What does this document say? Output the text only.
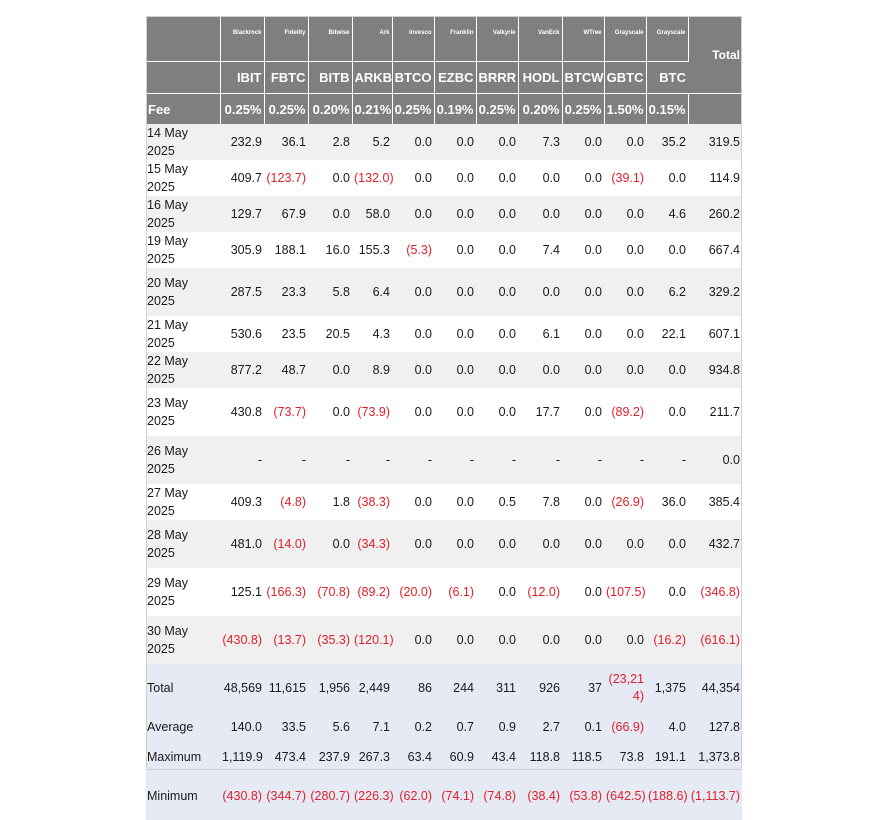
	Blackrock	Fidelity	Bitwise	Ark	Invesco	Franklin	Valkyrie	VanEck	WTree	Grayscale	Grayscale	Total
	IBIT	FBTC	BITB	ARKB	BTCO	EZBC	BRRR	HODL	BTCW	GBTC	BTC	
Fee	0.25%	0.25%	0.20%	0.21%	0.25%	0.19%	0.25%	0.20%	0.25%	1.50%	0.15%	
14 May 2025	232.9	36.1	2.8	5.2	0.0	0.0	0.0	7.3	0.0	0.0	35.2	319.5
15 May 2025	409.7	(123.7)	0.0	(132.0)	0.0	0.0	0.0	0.0	0.0	(39.1)	0.0	114.9
16 May 2025	129.7	67.9	0.0	58.0	0.0	0.0	0.0	0.0	0.0	0.0	4.6	260.2
19 May 2025	305.9	188.1	16.0	155.3	(5.3)	0.0	0.0	7.4	0.0	0.0	0.0	667.4
20 May 2025	287.5	23.3	5.8	6.4	0.0	0.0	0.0	0.0	0.0	0.0	6.2	329.2
21 May 2025	530.6	23.5	20.5	4.3	0.0	0.0	0.0	6.1	0.0	0.0	22.1	607.1
22 May 2025	877.2	48.7	0.0	8.9	0.0	0.0	0.0	0.0	0.0	0.0	0.0	934.8
23 May 2025	430.8	(73.7)	0.0	(73.9)	0.0	0.0	0.0	17.7	0.0	(89.2)	0.0	211.7
26 May 2025	-	-	-	-	-	-	-	-	-	-	-	0.0
27 May 2025	409.3	(4.8)	1.8	(38.3)	0.0	0.0	0.5	7.8	0.0	(26.9)	36.0	385.4
28 May 2025	481.0	(14.0)	0.0	(34.3)	0.0	0.0	0.0	0.0	0.0	0.0	0.0	432.7
29 May 2025	125.1	(166.3)	(70.8)	(89.2)	(20.0)	(6.1)	0.0	(12.0)	0.0	(107.5)	0.0	(346.8)
30 May 2025	(430.8)	(13.7)	(35.3)	(120.1)	0.0	0.0	0.0	0.0	0.0	0.0	(16.2)	(616.1)
Total	48,569	11,615	1,956	2,449	86	244	311	926	37	(23,214)	1,375	44,354
Average	140.0	33.5	5.6	7.1	0.2	0.7	0.9	2.7	0.1	(66.9)	4.0	127.8
Maximum	1,119.9	473.4	237.9	267.3	63.4	60.9	43.4	118.8	118.5	73.8	191.1	1,373.8
Minimum	(430.8)	(344.7)	(280.7)	(226.3)	(62.0)	(74.1)	(74.8)	(38.4)	(53.8)	(642.5)	(188.6)	(1,113.7)
